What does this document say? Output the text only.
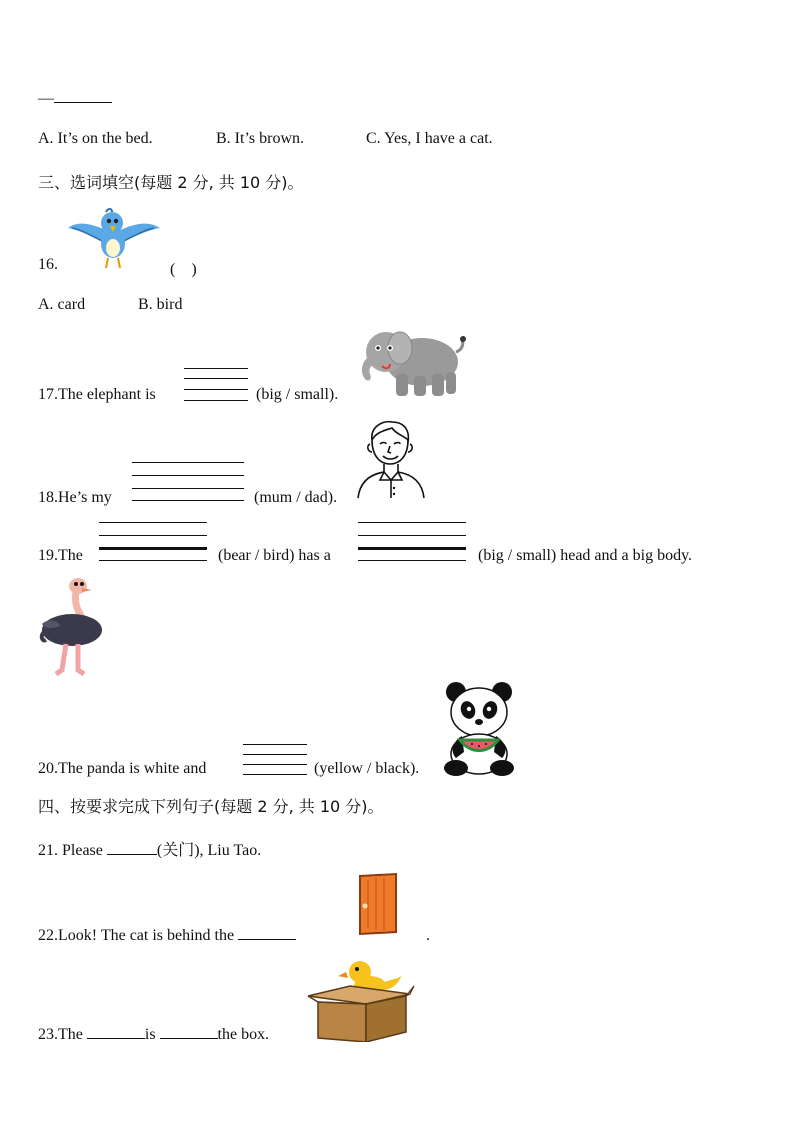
—
A. It’s on the bed.	B. It’s brown.	C. Yes, I have a cat.
三、选词填空(每题 2 分, 共 10 分)。
16.	(　)
A. card	B. bird
17.The elephant is	(big / small).
18.He’s my	(mum / dad).
19.The	(bear / bird) has a	(big / small) head and a big body.
20.The panda is white and	(yellow / black).
四、按要求完成下列句子(每题 2 分, 共 10 分)。
21. Please	(关门), Liu Tao.
22.Look! The cat is behind the	.
23.The	is	the box.
